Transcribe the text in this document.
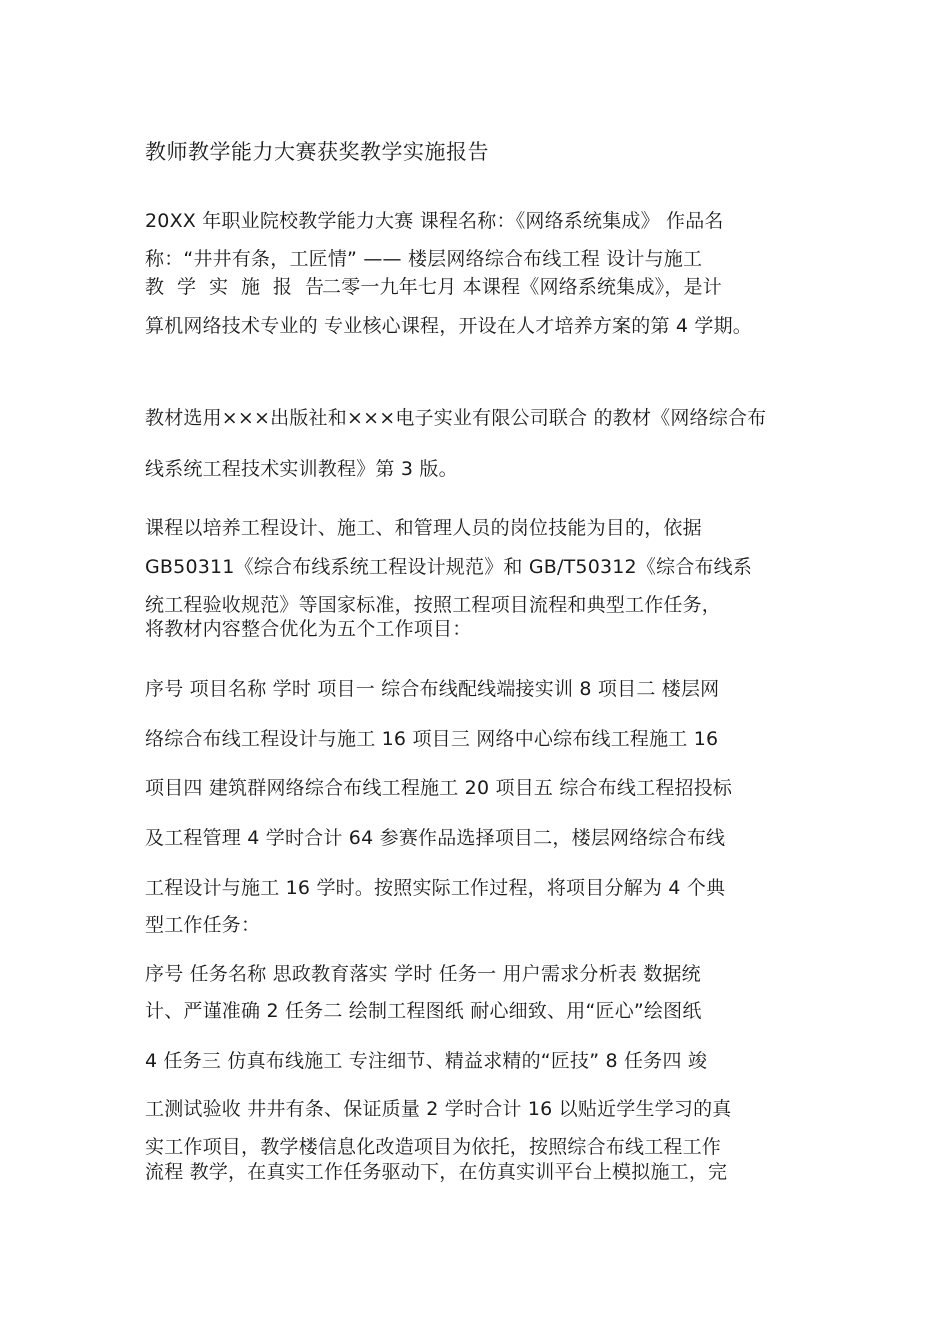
教师教学能力大赛获奖教学实施报告
20XX 年职业院校教学能力大赛 课程名称：《网络系统集成》 作品名
称：“井井有条，工匠情” —— 楼层网络综合布线工程 设计与施工
教学实施报告
二零一九年七月 本课程《网络系统集成》，是计
算机网络技术专业的 专业核心课程，开设在人才培养方案的第 4 学期。
教材选用×××出版社和×××电子实业有限公司联合 的教材《网络综合布
线系统工程技术实训教程》第 3 版。
课程以培养工程设计、施工、和管理人员的岗位技能为目的，依据
GB50311《综合布线系统工程设计规范》和 GB/T50312《综合布线系
统工程验收规范》等国家标准，按照工程项目流程和典型工作任务，
将教材内容整合优化为五个工作项目：
序号 项目名称 学时 项目一 综合布线配线端接实训 8 项目二 楼层网
络综合布线工程设计与施工 16 项目三 网络中心综布线工程施工 16
项目四 建筑群网络综合布线工程施工 20 项目五 综合布线工程招投标
及工程管理 4 学时合计 64 参赛作品选择项目二，楼层网络综合布线
工程设计与施工 16 学时。按照实际工作过程，将项目分解为 4 个典
型工作任务：
序号 任务名称 思政教育落实 学时 任务一 用户需求分析表 数据统
计、严谨准确 2 任务二 绘制工程图纸 耐心细致、用“匠心”绘图纸
4 任务三 仿真布线施工 专注细节、精益求精的“匠技” 8 任务四 竣
工测试验收 井井有条、保证质量 2 学时合计 16 以贴近学生学习的真
实工作项目，教学楼信息化改造项目为依托，按照综合布线工程工作
流程 教学，在真实工作任务驱动下，在仿真实训平台上模拟施工，完
